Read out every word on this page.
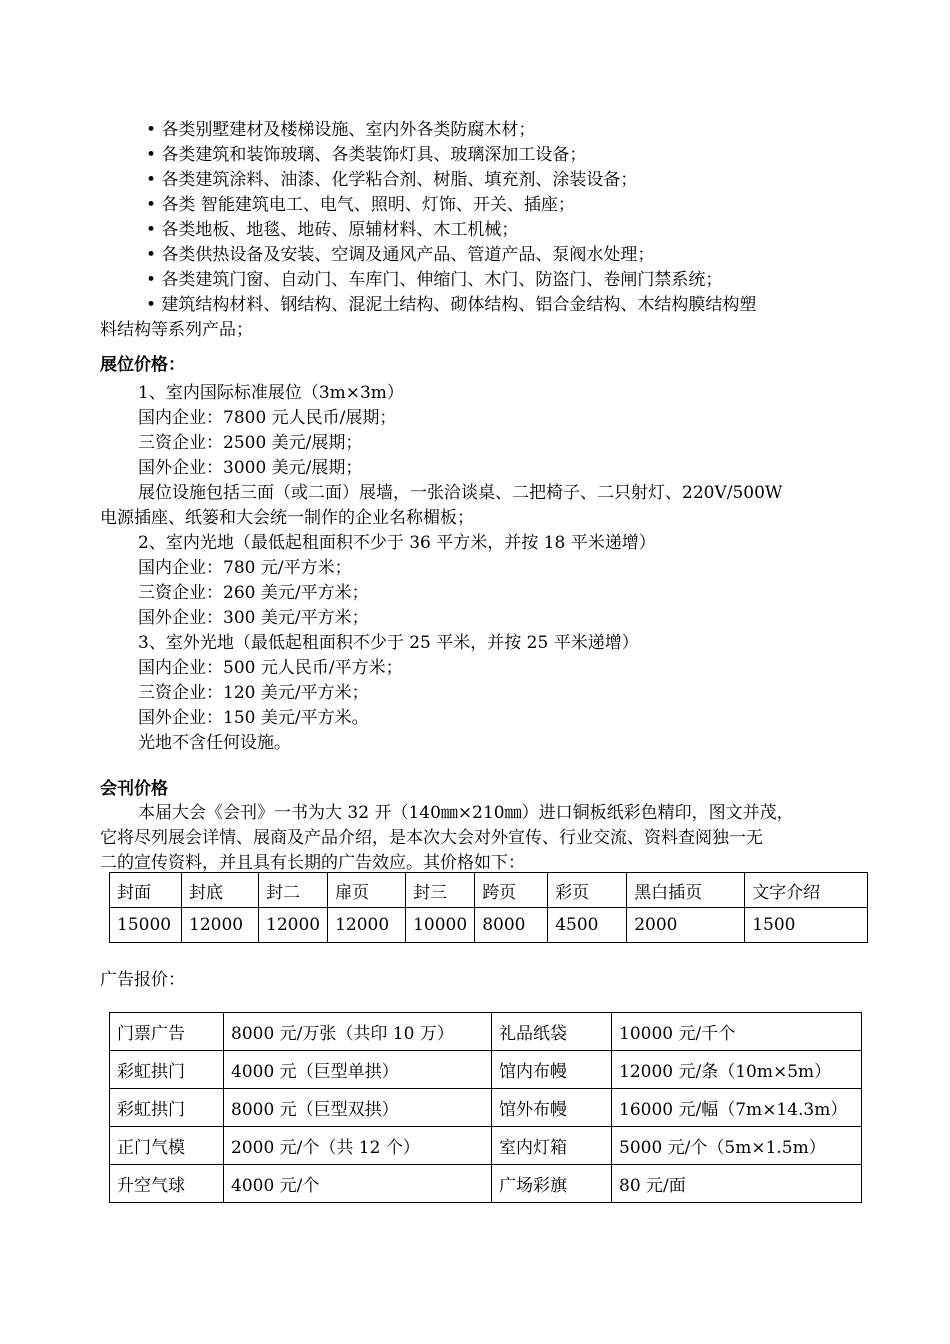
• 各类别墅建材及楼梯设施、室内外各类防腐木材；
• 各类建筑和装饰玻璃、各类装饰灯具、玻璃深加工设备；
• 各类建筑涂料、油漆、化学粘合剂、树脂、填充剂、涂装设备；
• 各类 智能建筑电工、电气、照明、灯饰、开关、插座；
• 各类地板、地毯、地砖、原辅材料、木工机械；
• 各类供热设备及安装、空调及通风产品、管道产品、泵阀水处理；
• 各类建筑门窗、自动门、车库门、伸缩门、木门、防盗门、卷闸门禁系统；
• 建筑结构材料、钢结构、混泥土结构、砌体结构、铝合金结构、木结构膜结构塑
料结构等系列产品；
展位价格：
1、室内国际标准展位（3m×3m）
国内企业：7800 元人民币/展期；
三资企业：2500 美元/展期；
国外企业：3000 美元/展期；
展位设施包括三面（或二面）展墙，一张洽谈桌、二把椅子、二只射灯、220V/500W
电源插座、纸篓和大会统一制作的企业名称楣板；
2、室内光地（最低起租面积不少于 36 平方米，并按 18 平米递增）
国内企业：780 元/平方米；
三资企业：260 美元/平方米；
国外企业：300 美元/平方米；
3、室外光地（最低起租面积不少于 25 平米，并按 25 平米递增）
国内企业：500 元人民币/平方米；
三资企业：120 美元/平方米；
国外企业：150 美元/平方米。
光地不含任何设施。
会刊价格
本届大会《会刊》一书为大 32 开（140㎜×210㎜）进口铜板纸彩色精印，图文并茂，
它将尽列展会详情、展商及产品介绍，是本次大会对外宣传、行业交流、资料查阅独一无
二的宣传资料，并且具有长期的广告效应。其价格如下：
封面	封底	封二	扉页	封三	跨页	彩页	黑白插页	文字介绍
15000	12000	12000	12000	10000	8000	4500	2000	1500
广告报价：
门票广告	8000 元/万张（共印 10 万）	礼品纸袋	10000 元/千个
彩虹拱门	4000 元（巨型单拱）	馆内布幔	12000 元/条（10m×5m）
彩虹拱门	8000 元（巨型双拱）	馆外布幔	16000 元/幅（7m×14.3m）
正门气模	2000 元/个（共 12 个）	室内灯箱	5000 元/个（5m×1.5m）
升空气球	4000 元/个	广场彩旗	80 元/面
